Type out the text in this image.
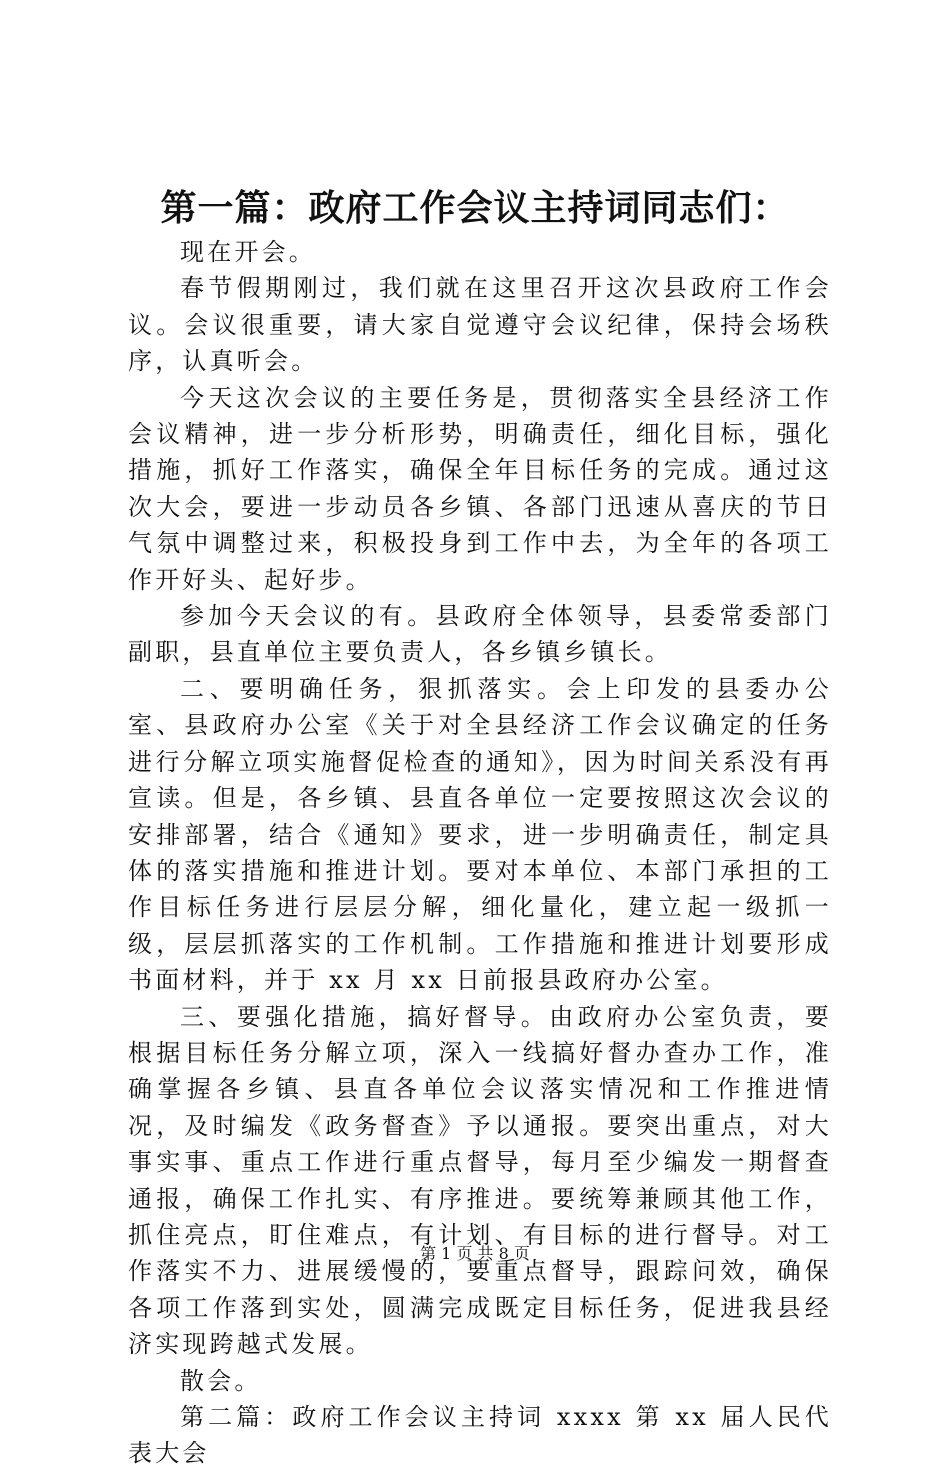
第一篇：政府工作会议主持词同志们：

现在开会。

春节假期刚过，我们就在这里召开这次县政府工作会议。会议很重要，请大家自觉遵守会议纪律，保持会场秩序，认真听会。

今天这次会议的主要任务是，贯彻落实全县经济工作会议精神，进一步分析形势，明确责任，细化目标，强化措施，抓好工作落实，确保全年目标任务的完成。通过这次大会，要进一步动员各乡镇、各部门迅速从喜庆的节日气氛中调整过来，积极投身到工作中去，为全年的各项工作开好头、起好步。

参加今天会议的有。县政府全体领导，县委常委部门副职，县直单位主要负责人，各乡镇乡镇长。

二、要明确任务，狠抓落实。会上印发的县委办公室、县政府办公室《关于对全县经济工作会议确定的任务进行分解立项实施督促检查的通知》，因为时间关系没有再宣读。但是，各乡镇、县直各单位一定要按照这次会议的安排部署，结合《通知》要求，进一步明确责任，制定具体的落实措施和推进计划。要对本单位、本部门承担的工作目标任务进行层层分解，细化量化，建立起一级抓一级，层层抓落实的工作机制。工作措施和推进计划要形成书面材料，并于 xx 月 xx 日前报县政府办公室。

三、要强化措施，搞好督导。由政府办公室负责，要根据目标任务分解立项，深入一线搞好督办查办工作，准确掌握各乡镇、县直各单位会议落实情况和工作推进情况，及时编发《政务督查》予以通报。要突出重点，对大事实事、重点工作进行重点督导，每月至少编发一期督查通报，确保工作扎实、有序推进。要统筹兼顾其他工作，抓住亮点，盯住难点，有计划、有目标的进行督导。对工作落实不力、进展缓慢的，要重点督导，跟踪问效，确保各项工作落到实处，圆满完成既定目标任务，促进我县经济实现跨越式发展。

散会。

第二篇：政府工作会议主持词 xxxx 第 xx 届人民代表大会

第 1 页 共 8 页
